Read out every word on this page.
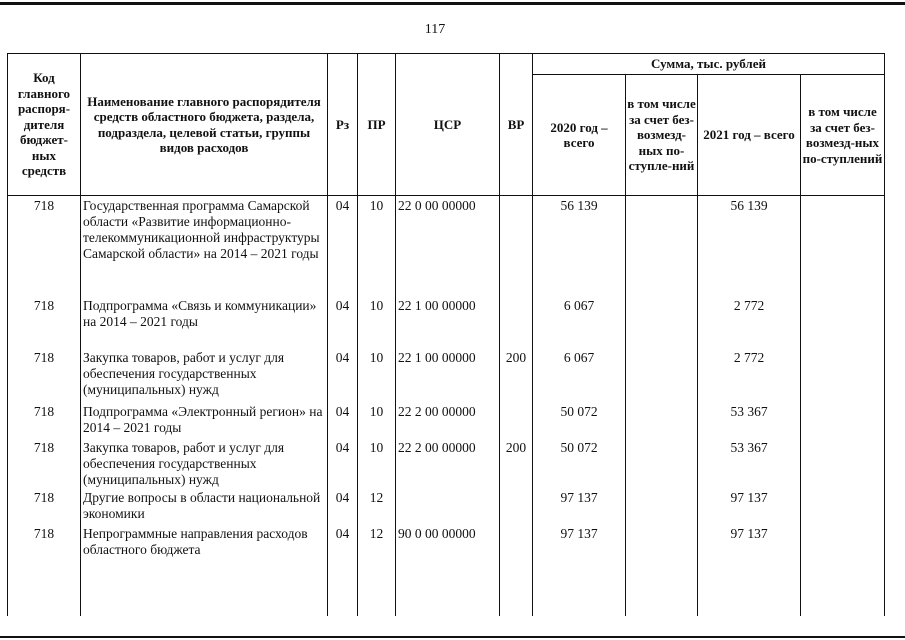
117
Код главного распоря-дителя бюджет-ных средств	Наименование главного распорядителя средств областного бюджета, раздела, подраздела, целевой статьи, группы видов расходов	Рз	ПР	ЦСР	ВР	Сумма, тыс. рублей			
						2020 год – всего	в том числе за счет без-возмезд-ных по-ступле-ний	2021 год – всего	в том числе за счет без-возмезд-ных по-ступлений
718	Государственная программа Самарской области «Развитие информационно-телекоммуникационной инфраструктуры Самарской области» на 2014 – 2021 годы	04	10	22 0 00 00000		56 139		56 139	
718	Подпрограмма «Связь и коммуникации» на 2014 – 2021 годы	04	10	22 1 00 00000		6 067		2 772	
718	Закупка товаров, работ и услуг для обеспечения государственных (муниципальных) нужд	04	10	22 1 00 00000	200	6 067		2 772	
718	Подпрограмма «Электронный регион» на 2014 – 2021 годы	04	10	22 2 00 00000		50 072		53 367	
718	Закупка товаров, работ и услуг для обеспечения государственных (муниципальных) нужд	04	10	22 2 00 00000	200	50 072		53 367	
718	Другие вопросы в области национальной экономики	04	12			97 137		97 137	
718	Непрограммные направления расходов областного бюджета	04	12	90 0 00 00000		97 137		97 137	
